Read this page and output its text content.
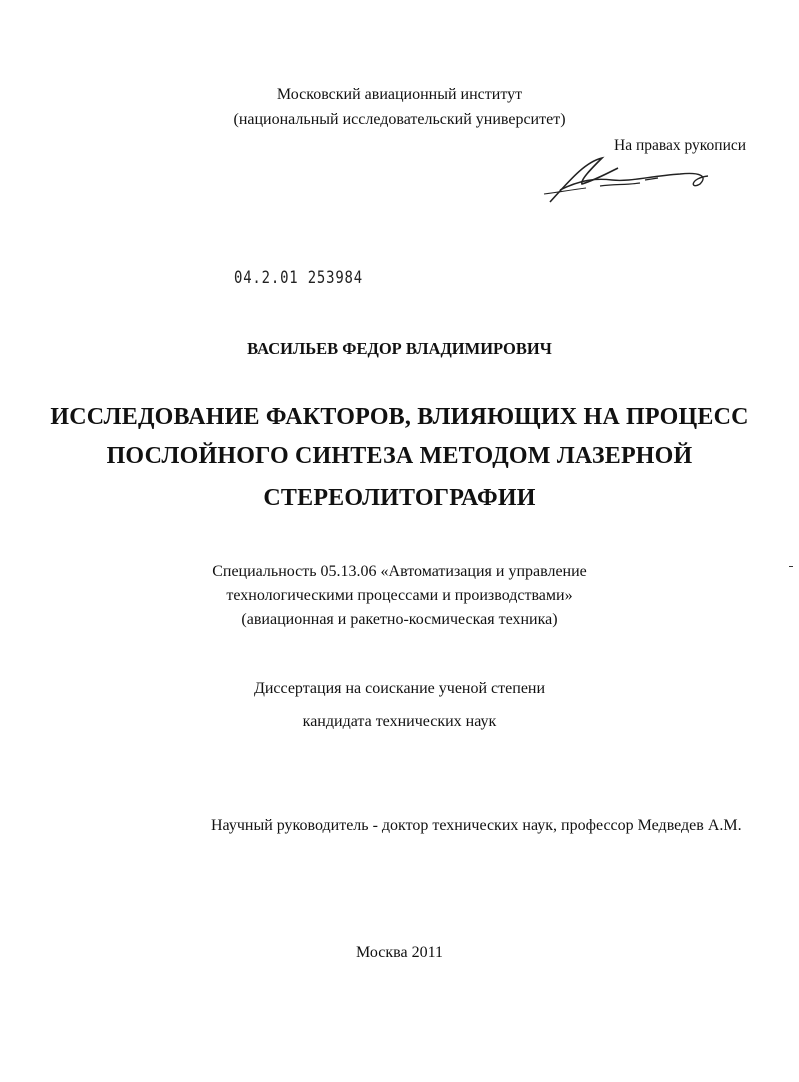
Московский авиационный институт
(национальный исследовательский университет)
На правах рукописи
04.2.01 253984
ВАСИЛЬЕВ ФЕДОР ВЛАДИМИРОВИЧ
ИССЛЕДОВАНИЕ ФАКТОРОВ, ВЛИЯЮЩИХ НА ПРОЦЕСС
ПОСЛОЙНОГО СИНТЕЗА МЕТОДОМ ЛАЗЕРНОЙ
СТЕРЕОЛИТОГРАФИИ
Специальность 05.13.06 «Автоматизация и управление
технологическими процессами и производствами»
(авиационная и ракетно-космическая техника)
Диссертация на соискание ученой степени
кандидата технических наук
Научный руководитель - доктор технических наук, профессор Медведев А.М.
Москва 2011
